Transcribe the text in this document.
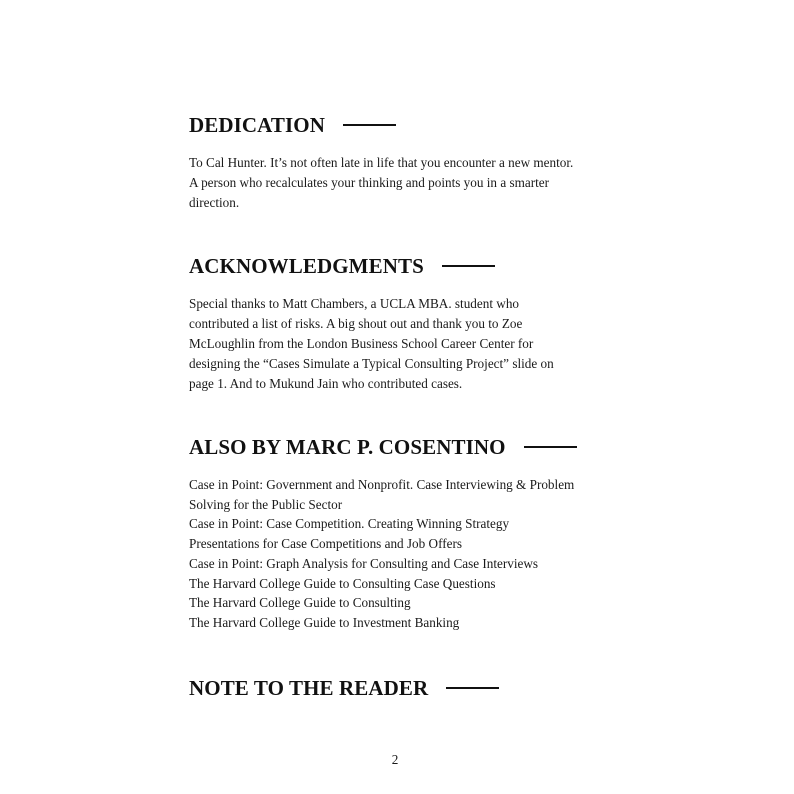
DEDICATION

To Cal Hunter. It’s not often late in life that you encounter a new mentor.
A person who recalculates your thinking and points you in a smarter
direction.

ACKNOWLEDGMENTS

Special thanks to Matt Chambers, a UCLA MBA. student who
contributed a list of risks. A big shout out and thank you to Zoe
McLoughlin from the London Business School Career Center for
designing the “Cases Simulate a Typical Consulting Project” slide on
page 1. And to Mukund Jain who contributed cases.

ALSO BY MARC P. COSENTINO
Case in Point: Government and Nonprofit. Case Interviewing & Problem
Solving for the Public Sector
Case in Point: Case Competition. Creating Winning Strategy
Presentations for Case Competitions and Job Offers
Case in Point: Graph Analysis for Consulting and Case Interviews
The Harvard College Guide to Consulting Case Questions
The Harvard College Guide to Consulting
The Harvard College Guide to Investment Banking
NOTE TO THE READER
2
